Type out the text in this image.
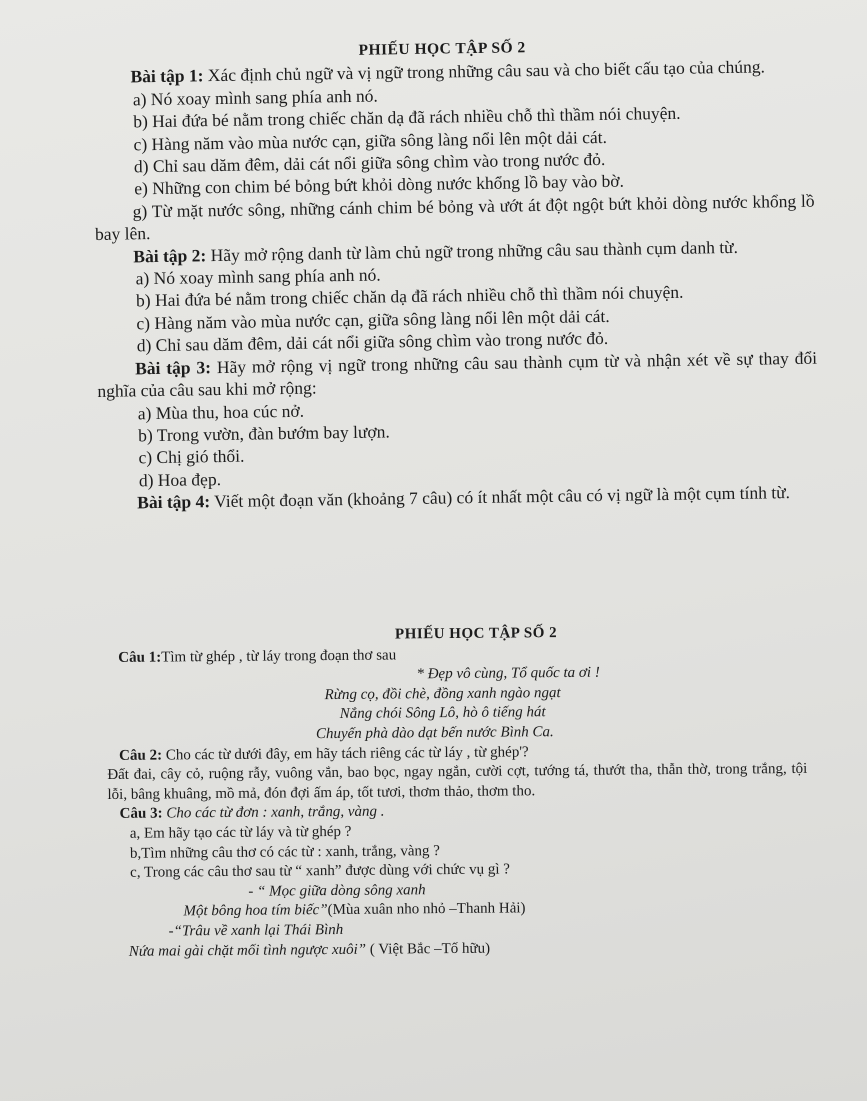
PHIẾU HỌC TẬP SỐ 2

Bài tập 1: Xác định chủ ngữ và vị ngữ trong những câu sau và cho biết cấu tạo của chúng.

a) Nó xoay mình sang phía anh nó.

b) Hai đứa bé nằm trong chiếc chăn dạ đã rách nhiều chỗ thì thầm nói chuyện.

c) Hàng năm vào mùa nước cạn, giữa sông làng nổi lên một dải cát.

d) Chỉ sau dăm đêm, dải cát nổi giữa sông chìm vào trong nước đỏ.

e) Những con chim bé bỏng bứt khỏi dòng nước khổng lồ bay vào bờ.

g) Từ mặt nước sông, những cánh chim bé bỏng và ướt át đột ngột bứt khỏi dòng nước khổng lồ bay lên.

Bài tập 2: Hãy mở rộng danh từ làm chủ ngữ trong những câu sau thành cụm danh từ.

a) Nó xoay mình sang phía anh nó.

b) Hai đứa bé nằm trong chiếc chăn dạ đã rách nhiều chỗ thì thầm nói chuyện.

c) Hàng năm vào mùa nước cạn, giữa sông làng nổi lên một dải cát.

d) Chỉ sau dăm đêm, dải cát nổi giữa sông chìm vào trong nước đỏ.

Bài tập 3: Hãy mở rộng vị ngữ trong những câu sau thành cụm từ và nhận xét về sự thay đổi nghĩa của câu sau khi mở rộng:

a) Mùa thu, hoa cúc nở.

b) Trong vườn, đàn bướm bay lượn.

c) Chị gió thổi.

d) Hoa đẹp.

Bài tập 4: Viết một đoạn văn (khoảng 7 câu) có ít nhất một câu có vị ngữ là một cụm tính từ.

PHIẾU HỌC TẬP SỐ 2

Câu 1:Tìm từ ghép , từ láy trong đoạn thơ sau

* Đẹp vô cùng, Tổ quốc ta ơi !

Rừng cọ, đồi chè, đồng xanh ngào ngạt

Nắng chói Sông Lô, hò ô tiếng hát

Chuyến phà dào dạt bến nước Bình Ca.

Câu 2: Cho các từ dưới đây, em hãy tách riêng các từ láy , từ ghép'?

Đất đai, cây cỏ, ruộng rẫy, vuông vắn, bao bọc, ngay ngắn, cười cợt, tướng tá, thướt tha, thẫn thờ, trong trắng, tội lỗi, bâng khuâng, mồ mả, đón đợi ấm áp, tốt tươi, thơm thảo, thơm tho.

Câu 3: Cho các từ đơn : xanh, trắng, vàng .

a, Em hãy tạo các từ láy và từ ghép ?

b,Tìm những câu thơ có các từ : xanh, trắng, vàng ?

c, Trong các câu thơ sau từ “ xanh” được dùng với chức vụ gì ?

- “ Mọc giữa dòng sông xanh

Một bông hoa tím biếc”(Mùa xuân nho nhỏ –Thanh Hải)

-“Trâu về xanh lại Thái Bình

Nứa mai gài chặt mối tình ngược xuôi” ( Việt Bắc –Tố hữu)
